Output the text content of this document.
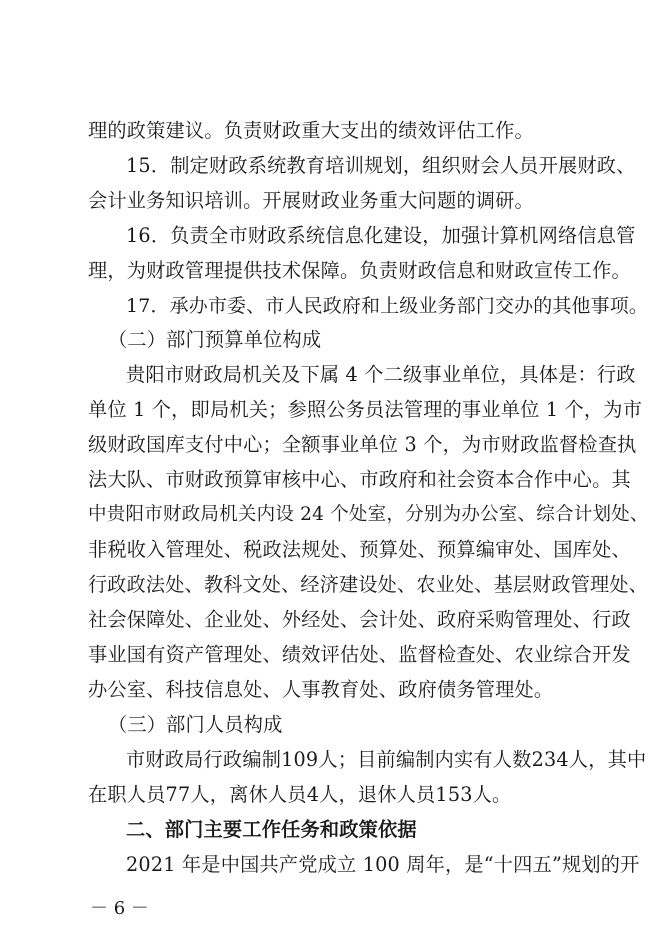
理的政策建议。负责财政重大支出的绩效评估工作。

15．制定财政系统教育培训规划，组织财会人员开展财政、

会计业务知识培训。开展财政业务重大问题的调研。

16．负责全市财政系统信息化建设，加强计算机网络信息管

理，为财政管理提供技术保障。负责财政信息和财政宣传工作。

17．承办市委、市人民政府和上级业务部门交办的其他事项。

（二）部门预算单位构成

贵阳市财政局机关及下属 4 个二级事业单位，具体是：行政

单位 1 个，即局机关；参照公务员法管理的事业单位 1 个，为市

级财政国库支付中心；全额事业单位 3 个，为市财政监督检查执

法大队、市财政预算审核中心、市政府和社会资本合作中心。其

中贵阳市财政局机关内设 24 个处室，分别为办公室、综合计划处、

非税收入管理处、税政法规处、预算处、预算编审处、国库处、

行政政法处、教科文处、经济建设处、农业处、基层财政管理处、

社会保障处、企业处、外经处、会计处、政府采购管理处、行政

事业国有资产管理处、绩效评估处、监督检查处、农业综合开发

办公室、科技信息处、人事教育处、政府债务管理处。

（三）部门人员构成

市财政局行政编制109人；目前编制内实有人数234人，其中

在职人员77人，离休人员4人，退休人员153人。

二、部门主要工作任务和政策依据

2021 年是中国共产党成立 100 周年，是“十四五”规划的开

－ 6 －
